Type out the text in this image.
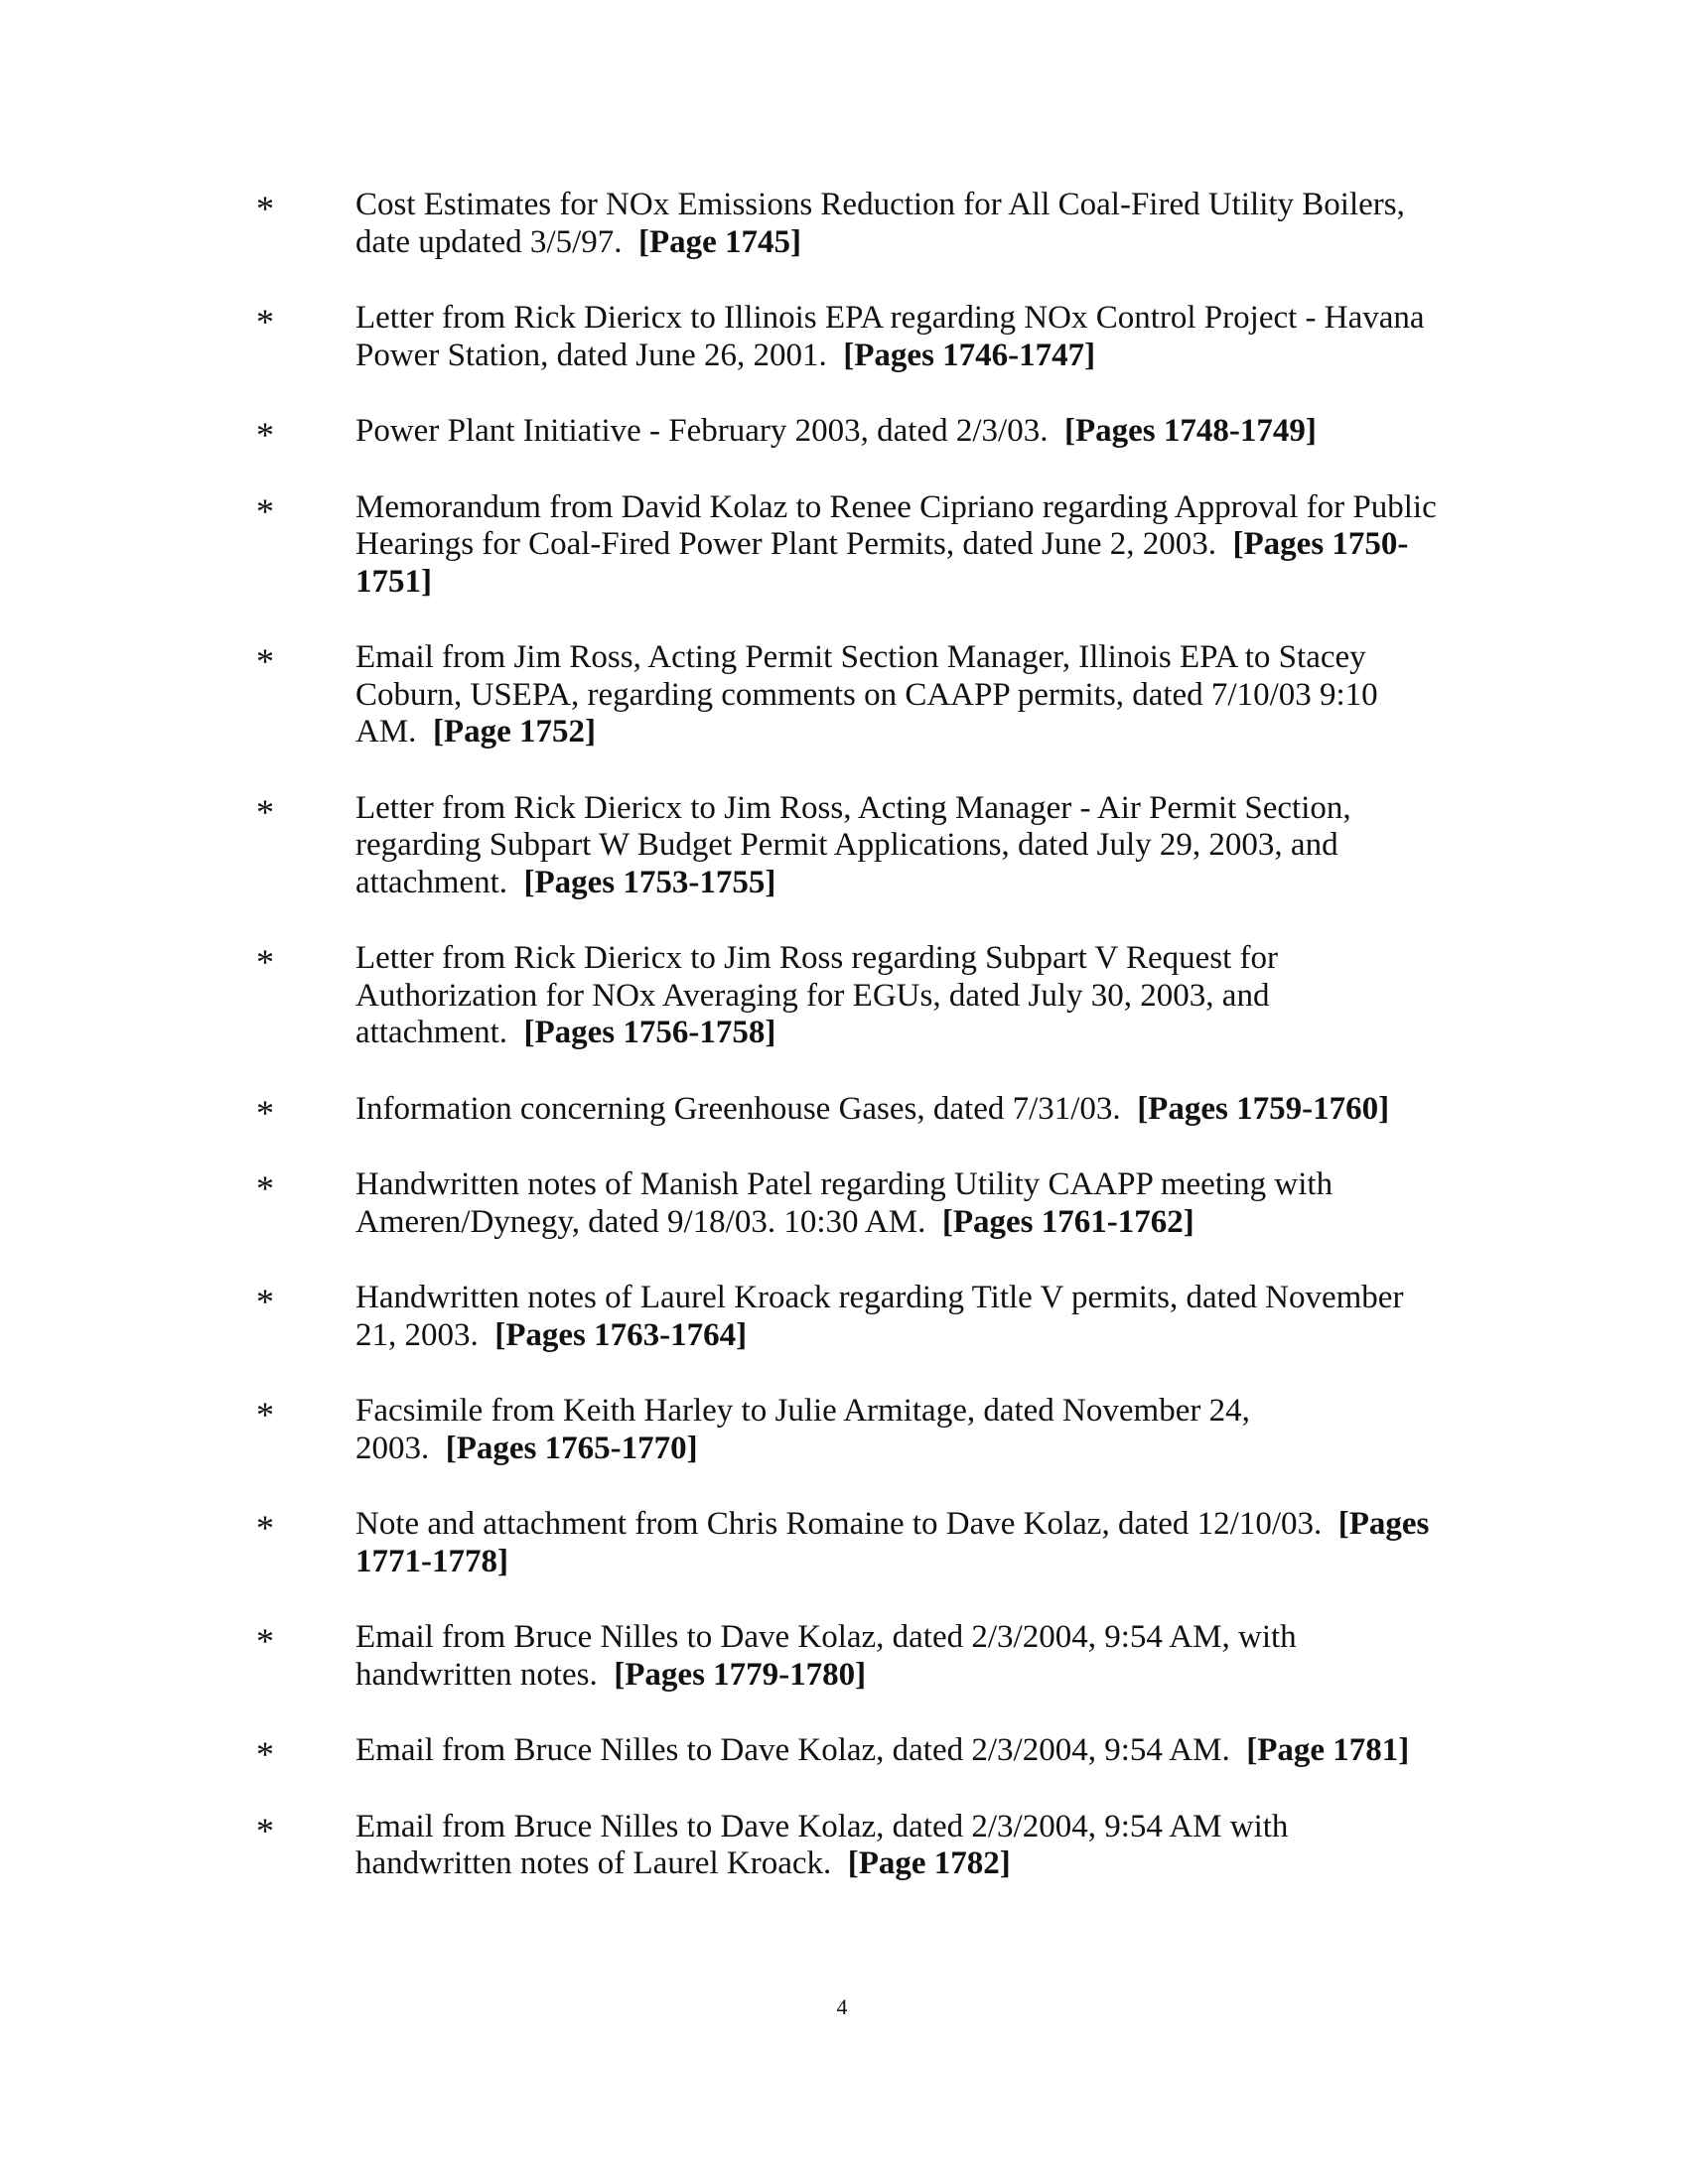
* Cost Estimates for NOx Emissions Reduction for All Coal-Fired Utility Boilers, date updated 3/5/97. [Page 1745]
* Letter from Rick Diericx to Illinois EPA regarding NOx Control Project - Havana Power Station, dated June 26, 2001. [Pages 1746-1747]
* Power Plant Initiative - February 2003, dated 2/3/03. [Pages 1748-1749]
* Memorandum from David Kolaz to Renee Cipriano regarding Approval for Public Hearings for Coal-Fired Power Plant Permits, dated June 2, 2003. [Pages 1750-1751]
* Email from Jim Ross, Acting Permit Section Manager, Illinois EPA to Stacey Coburn, USEPA, regarding comments on CAAPP permits, dated 7/10/03 9:10 AM. [Page 1752]
* Letter from Rick Diericx to Jim Ross, Acting Manager - Air Permit Section, regarding Subpart W Budget Permit Applications, dated July 29, 2003, and attachment. [Pages 1753-1755]
* Letter from Rick Diericx to Jim Ross regarding Subpart V Request for Authorization for NOx Averaging for EGUs, dated July 30, 2003, and attachment. [Pages 1756-1758]
* Information concerning Greenhouse Gases, dated 7/31/03. [Pages 1759-1760]
* Handwritten notes of Manish Patel regarding Utility CAAPP meeting with Ameren/Dynegy, dated 9/18/03. 10:30 AM. [Pages 1761-1762]
* Handwritten notes of Laurel Kroack regarding Title V permits, dated November 21, 2003. [Pages 1763-1764]
* Facsimile from Keith Harley to Julie Armitage, dated November 24, 2003. [Pages 1765-1770]
* Note and attachment from Chris Romaine to Dave Kolaz, dated 12/10/03. [Pages 1771-1778]
* Email from Bruce Nilles to Dave Kolaz, dated 2/3/2004, 9:54 AM, with handwritten notes. [Pages 1779-1780]
* Email from Bruce Nilles to Dave Kolaz, dated 2/3/2004, 9:54 AM. [Page 1781]
* Email from Bruce Nilles to Dave Kolaz, dated 2/3/2004, 9:54 AM with handwritten notes of Laurel Kroack. [Page 1782]
4
